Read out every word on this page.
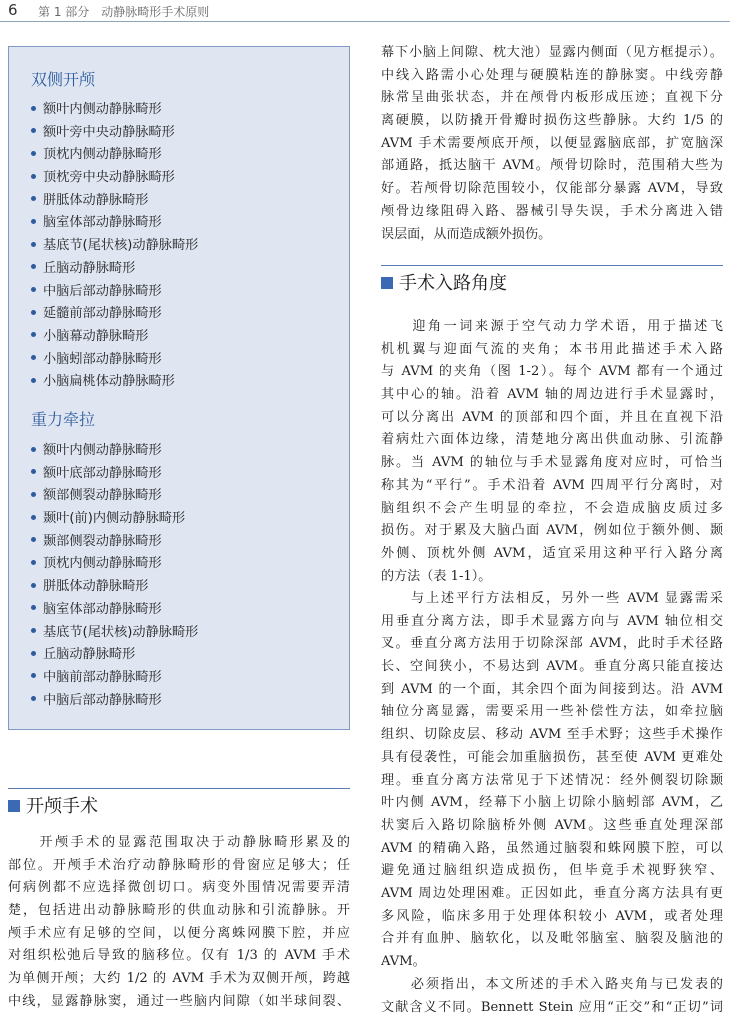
6 第 1 部分　动静脉畸形手术原则
双侧开颅
额叶内侧动静脉畸形
额叶旁中央动静脉畸形
顶枕内侧动静脉畸形
顶枕旁中央动静脉畸形
胼胝体动静脉畸形
脑室体部动静脉畸形
基底节(尾状核)动静脉畸形
丘脑动静脉畸形
中脑后部动静脉畸形
延髓前部动静脉畸形
小脑幕动静脉畸形
小脑蚓部动静脉畸形
小脑扁桃体动静脉畸形
重力牵拉
额叶内侧动静脉畸形
额叶底部动静脉畸形
额部侧裂动静脉畸形
颞叶(前)内侧动静脉畸形
颞部侧裂动静脉畸形
顶枕内侧动静脉畸形
胼胝体动静脉畸形
脑室体部动静脉畸形
基底节(尾状核)动静脉畸形
丘脑动静脉畸形
中脑前部动静脉畸形
中脑后部动静脉畸形
开颅手术
　　开颅手术的显露范围取决于动静脉畸形累及的
部位。开颅手术治疗动静脉畸形的骨窗应足够大；任
何病例都不应选择微创切口。病变外围情况需要弄清
楚，包括进出动静脉畸形的供血动脉和引流静脉。开
颅手术应有足够的空间，以便分离蛛网膜下腔，并应
对组织松弛后导致的脑移位。仅有 1/3 的 AVM 手术
为单侧开颅；大约 1/2 的 AVM 手术为双侧开颅，跨越
中线，显露静脉窦，通过一些脑内间隙（如半球间裂、
幕下小脑上间隙、枕大池）显露内侧面（见方框提示）。
中线入路需小心处理与硬膜粘连的静脉窦。中线旁静
脉常呈曲张状态，并在颅骨内板形成压迹；直视下分
离硬膜，以防撬开骨瓣时损伤这些静脉。大约 1/5 的
AVM 手术需要颅底开颅，以便显露脑底部，扩宽脑深
部通路，抵达脑干 AVM。颅骨切除时，范围稍大些为
好。若颅骨切除范围较小，仅能部分暴露 AVM，导致
颅骨边缘阻碍入路、器械引导失误，手术分离进入错
误层面，从而造成额外损伤。
手术入路角度
　　迎角一词来源于空气动力学术语，用于描述飞
机机翼与迎面气流的夹角；本书用此描述手术入路
与 AVM 的夹角（图 1-2）。每个 AVM 都有一个通过
其中心的轴。沿着 AVM 轴的周边进行手术显露时，
可以分离出 AVM 的顶部和四个面，并且在直视下沿
着病灶六面体边缘，清楚地分离出供血动脉、引流静
脉。当 AVM 的轴位与手术显露角度对应时，可恰当
称其为“平行”。手术沿着 AVM 四周平行分离时，对
脑组织不会产生明显的牵拉，不会造成脑皮质过多
损伤。对于累及大脑凸面 AVM，例如位于额外侧、颞
外侧、顶枕外侧 AVM，适宜采用这种平行入路分离
的方法（表 1-1）。
　　与上述平行方法相反，另外一些 AVM 显露需采
用垂直分离方法，即手术显露方向与 AVM 轴位相交
叉。垂直分离方法用于切除深部 AVM，此时手术径路
长、空间狭小，不易达到 AVM。垂直分离只能直接达
到 AVM 的一个面，其余四个面为间接到达。沿 AVM
轴位分离显露，需要采用一些补偿性方法，如牵拉脑
组织、切除皮层、移动 AVM 至手术野；这些手术操作
具有侵袭性，可能会加重脑损伤，甚至使 AVM 更难处
理。垂直分离方法常见于下述情况：经外侧裂切除颞
叶内侧 AVM，经幕下小脑上切除小脑蚓部 AVM，乙
状窦后入路切除脑桥外侧 AVM。这些垂直处理深部
AVM 的精确入路，虽然通过脑裂和蛛网膜下腔，可以
避免通过脑组织造成损伤，但毕竟手术视野狭窄、
AVM 周边处理困难。正因如此，垂直分离方法具有更
多风险，临床多用于处理体积较小 AVM，或者处理
合并有血肿、脑软化，以及毗邻脑室、脑裂及脑池的
AVM。
　　必须指出，本文所述的手术入路夹角与已发表的
文献含义不同。Bennett Stein 应用“正交”和“正切”词
